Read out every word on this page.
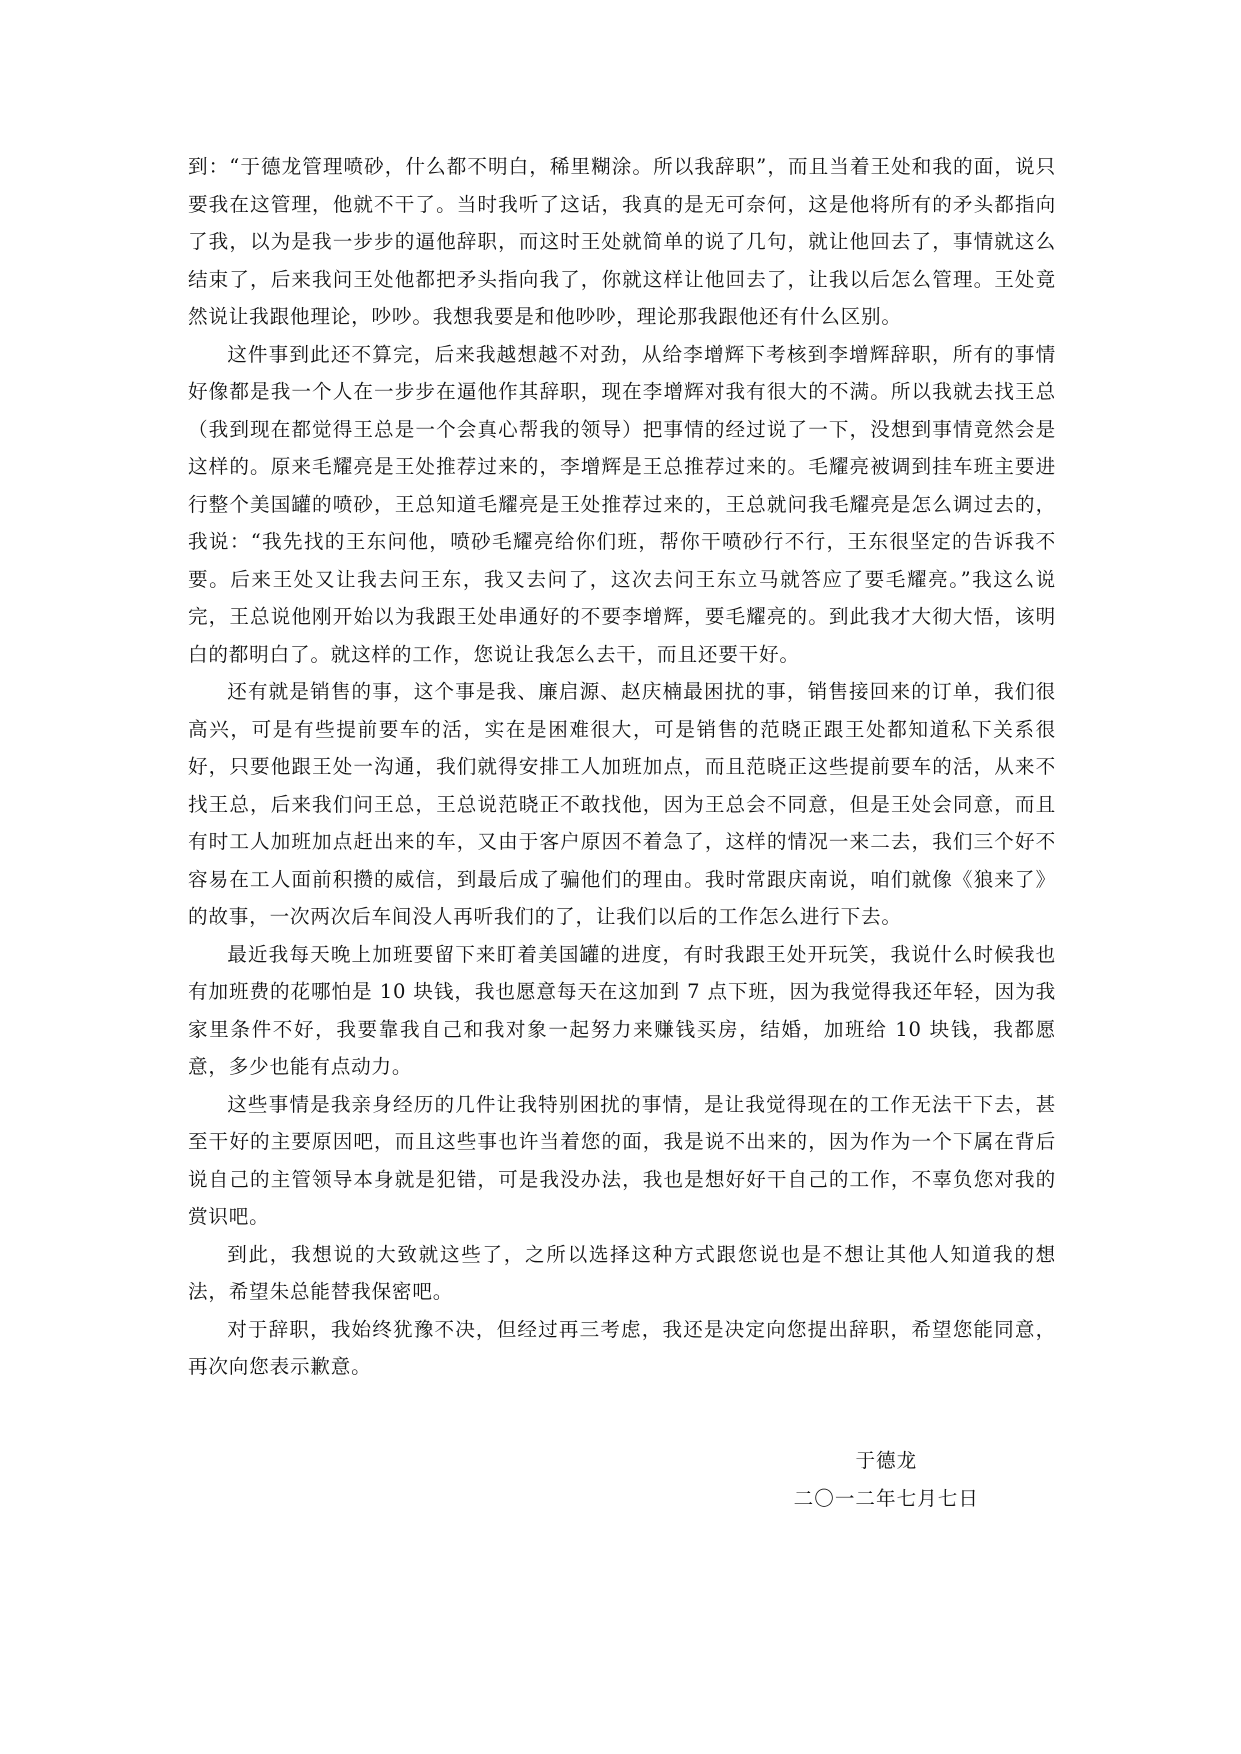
到：“于德龙管理喷砂，什么都不明白，稀里糊涂。所以我辞职”，而且当着王处和我的面，说只要我在这管理，他就不干了。当时我听了这话，我真的是无可奈何，这是他将所有的矛头都指向了我，以为是我一步步的逼他辞职，而这时王处就简单的说了几句，就让他回去了，事情就这么结束了，后来我问王处他都把矛头指向我了，你就这样让他回去了，让我以后怎么管理。王处竟然说让我跟他理论，吵吵。我想我要是和他吵吵，理论那我跟他还有什么区别。

这件事到此还不算完，后来我越想越不对劲，从给李增辉下考核到李增辉辞职，所有的事情好像都是我一个人在一步步在逼他作其辞职，现在李增辉对我有很大的不满。所以我就去找王总（我到现在都觉得王总是一个会真心帮我的领导）把事情的经过说了一下，没想到事情竟然会是这样的。原来毛耀亮是王处推荐过来的，李增辉是王总推荐过来的。毛耀亮被调到挂车班主要进行整个美国罐的喷砂，王总知道毛耀亮是王处推荐过来的，王总就问我毛耀亮是怎么调过去的，我说：“我先找的王东问他，喷砂毛耀亮给你们班，帮你干喷砂行不行，王东很坚定的告诉我不要。后来王处又让我去问王东，我又去问了，这次去问王东立马就答应了要毛耀亮。”我这么说完，王总说他刚开始以为我跟王处串通好的不要李增辉，要毛耀亮的。到此我才大彻大悟，该明白的都明白了。就这样的工作，您说让我怎么去干，而且还要干好。

还有就是销售的事，这个事是我、廉启源、赵庆楠最困扰的事，销售接回来的订单，我们很高兴，可是有些提前要车的活，实在是困难很大，可是销售的范晓正跟王处都知道私下关系很好，只要他跟王处一沟通，我们就得安排工人加班加点，而且范晓正这些提前要车的活，从来不找王总，后来我们问王总，王总说范晓正不敢找他，因为王总会不同意，但是王处会同意，而且有时工人加班加点赶出来的车，又由于客户原因不着急了，这样的情况一来二去，我们三个好不容易在工人面前积攒的威信，到最后成了骗他们的理由。我时常跟庆南说，咱们就像《狼来了》的故事，一次两次后车间没人再听我们的了，让我们以后的工作怎么进行下去。

最近我每天晚上加班要留下来盯着美国罐的进度，有时我跟王处开玩笑，我说什么时候我也有加班费的花哪怕是 10 块钱，我也愿意每天在这加到 7 点下班，因为我觉得我还年轻，因为我家里条件不好，我要靠我自己和我对象一起努力来赚钱买房，结婚，加班给 10 块钱，我都愿意，多少也能有点动力。

这些事情是我亲身经历的几件让我特别困扰的事情，是让我觉得现在的工作无法干下去，甚至干好的主要原因吧，而且这些事也许当着您的面，我是说不出来的，因为作为一个下属在背后说自己的主管领导本身就是犯错，可是我没办法，我也是想好好干自己的工作，不辜负您对我的赏识吧。

到此，我想说的大致就这些了，之所以选择这种方式跟您说也是不想让其他人知道我的想法，希望朱总能替我保密吧。

对于辞职，我始终犹豫不决，但经过再三考虑，我还是决定向您提出辞职，希望您能同意，再次向您表示歉意。

于德龙
二〇一二年七月七日
